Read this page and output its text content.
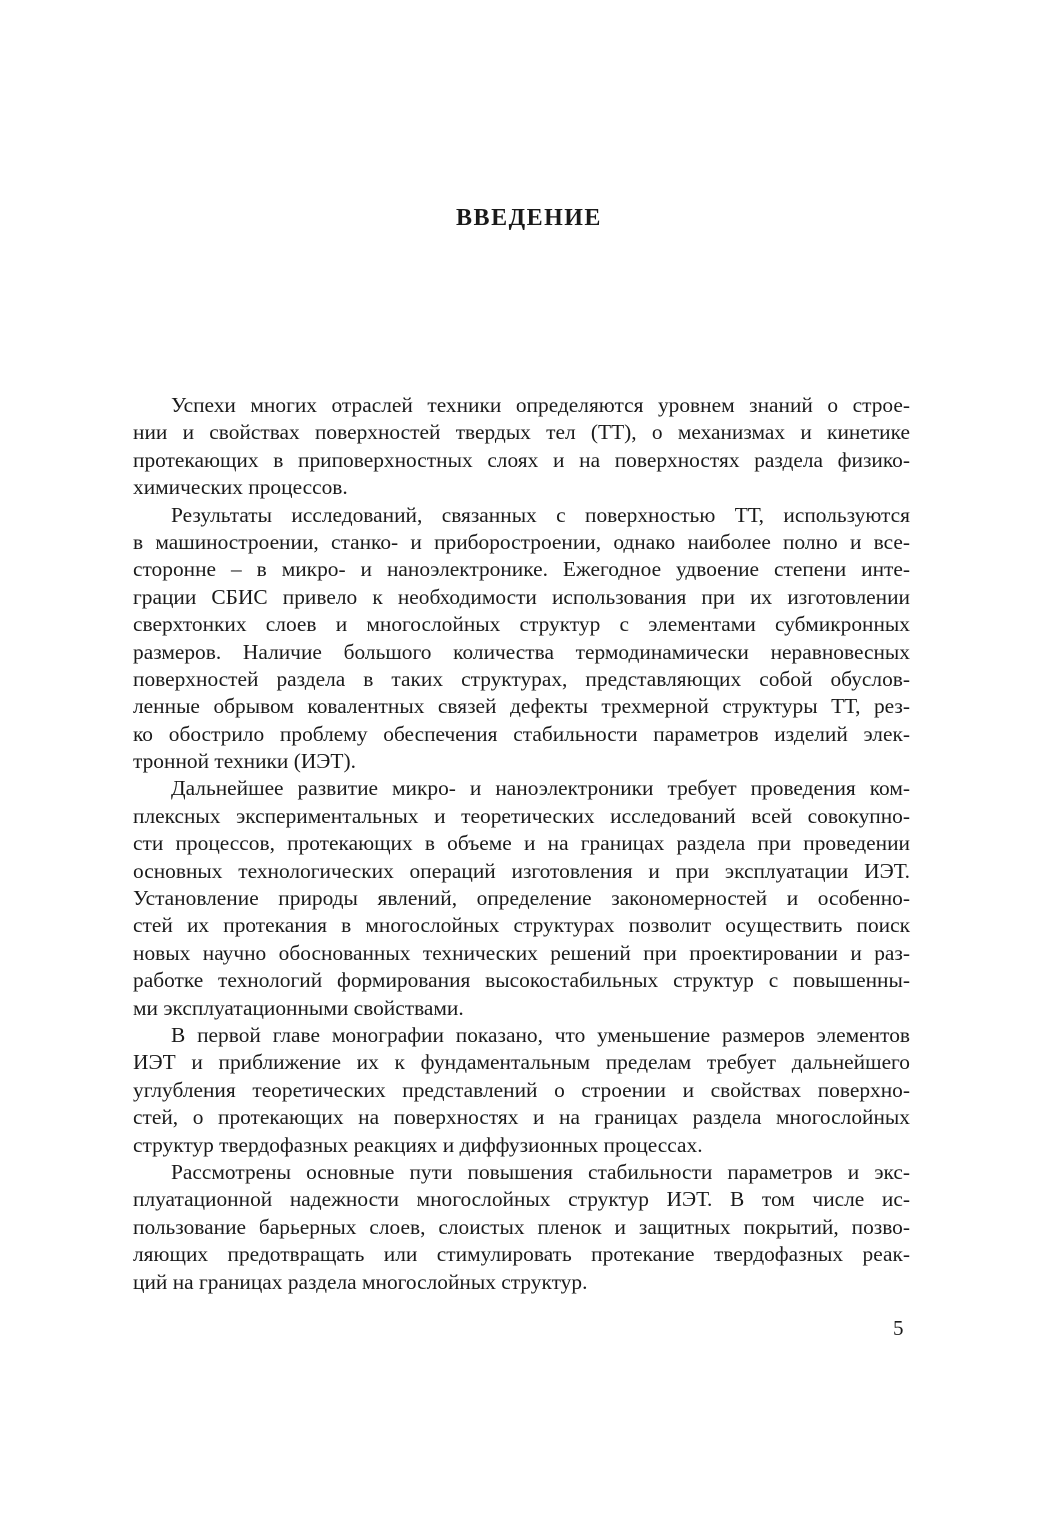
ВВЕДЕНИЕ
Успехи многих отраслей техники определяются уровнем знаний о строе-
нии и свойствах поверхностей твердых тел (ТТ), о механизмах и кинетике
протекающих в приповерхностных слоях и на поверхностях раздела физико-
химических процессов.
Результаты исследований, связанных с поверхностью ТТ, используются
в машиностроении, станко- и приборостроении, однако наиболее полно и все-
сторонне – в микро- и наноэлектронике. Ежегодное удвоение степени инте-
грации СБИС привело к необходимости использования при их изготовлении
сверхтонких слоев и многослойных структур с элементами субмикронных
размеров. Наличие большого количества термодинамически неравновесных
поверхностей раздела в таких структурах, представляющих собой обуслов-
ленные обрывом ковалентных связей дефекты трехмерной структуры ТТ, рез-
ко обострило проблему обеспечения стабильности параметров изделий элек-
тронной техники (ИЭТ).
Дальнейшее развитие микро- и наноэлектроники требует проведения ком-
плексных экспериментальных и теоретических исследований всей совокупно-
сти процессов, протекающих в объеме и на границах раздела при проведении
основных технологических операций изготовления и при эксплуатации ИЭТ.
Установление природы явлений, определение закономерностей и особенно-
стей их протекания в многослойных структурах позволит осуществить поиск
новых научно обоснованных технических решений при проектировании и раз-
работке технологий формирования высокостабильных структур с повышенны-
ми эксплуатационными свойствами.
В первой главе монографии показано, что уменьшение размеров элементов
ИЭТ и приближение их к фундаментальным пределам требует дальнейшего
углубления теоретических представлений о строении и свойствах поверхно-
стей, о протекающих на поверхностях и на границах раздела многослойных
структур твердофазных реакциях и диффузионных процессах.
Рассмотрены основные пути повышения стабильности параметров и экс-
плуатационной надежности многослойных структур ИЭТ. В том числе ис-
пользование барьерных слоев, слоистых пленок и защитных покрытий, позво-
ляющих предотвращать или стимулировать протекание твердофазных реак-
ций на границах раздела многослойных структур.

5
